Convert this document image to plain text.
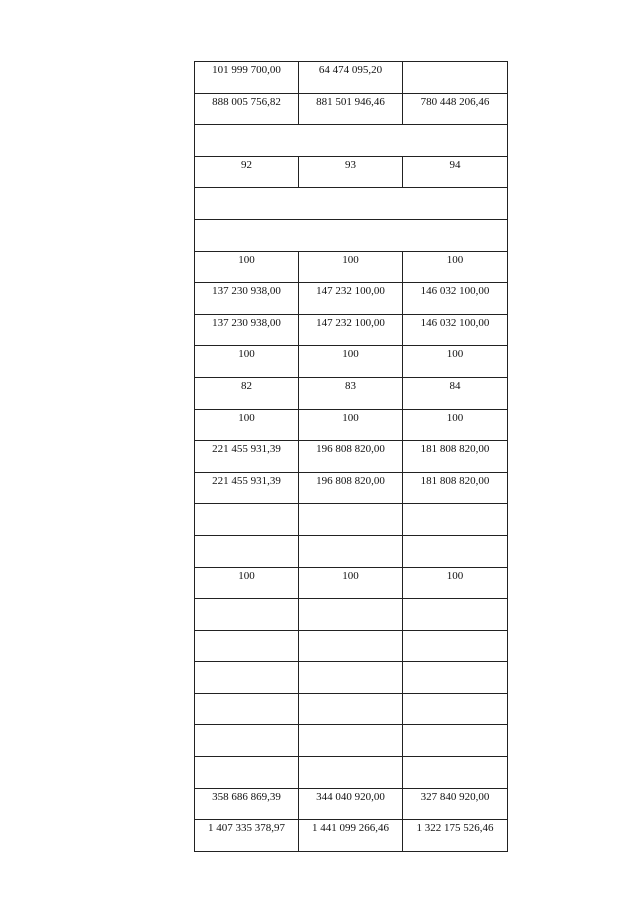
101 999 700,00	64 474 095,20	
888 005 756,82	881 501 946,46	780 448 206,46

92	93	94

100	100	100
137 230 938,00	147 232 100,00	146 032 100,00
137 230 938,00	147 232 100,00	146 032 100,00
100	100	100
82	83	84
100	100	100
221 455 931,39	196 808 820,00	181 808 820,00
221 455 931,39	196 808 820,00	181 808 820,00

100	100	100

358 686 869,39	344 040 920,00	327 840 920,00
1 407 335 378,97	1 441 099 266,46	1 322 175 526,46
